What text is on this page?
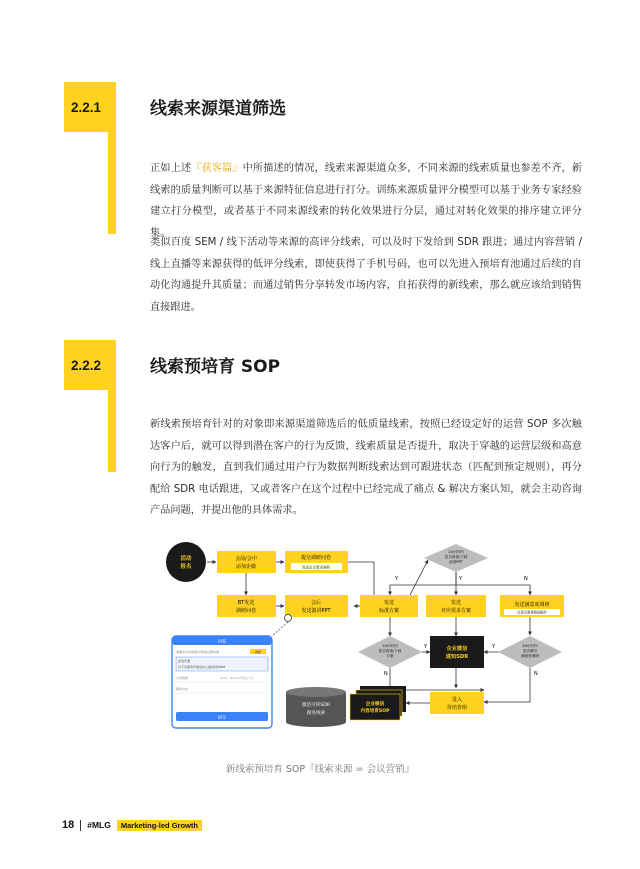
2.2.1	线索来源渠道筛选
正如上述『获客篇』中所描述的情况，线索来源渠道众多，不同来源的线索质量也参差不齐，新线索的质量判断可以基于来源特征信息进行打分。训练来源质量评分模型可以基于业务专家经验建立打分模型，或者基于不同来源线索的转化效果进行分层，通过对转化效果的排序建立评分集。
类似百度 SEM / 线下活动等来源的高评分线索，可以及时下发给到 SDR 跟进；通过内容营销 / 线上直播等来源获得的低评分线索，即使获得了手机号码，也可以先进入预培育池通过后续的自动化沟通提升其质量；而通过销售分享转发市场内容，自拓获得的新线索，那么就应该给到销售直接跟进。
2.2.2	线索预培育 SOP
新线索预培育针对的对象即来源渠道筛选后的低质量线索，按照已经设定好的运营 SOP 多次触达客户后，就可以得到潜在客户的行为反馈，线索质量是否提升，取决于穿越的运营层级和高意向行为的触发，直到我们通过用户行为数据判断线索达到可跟进状态（匹配到预定规则），再分配给 SDR 电话跟进，又或者客户在这个过程中已经完成了痛点 & 解决方案认知，就会主动咨询产品问题，并提出他的具体需求。
活动
报名
会前/会中
添加企微
提交调研问卷
发送会议需求调研
BT发送
调研问卷
会后
发送演讲PPT
24小时内
是否查看/下载
演讲PPT
Y	Y	N
发送
标准方案
发送
对应需求方案
发送满意度调研
还是否需要跟进服务
24小时内
是否查看/下载
方案
企业微信
通知SDR
Y	Y	24小时内
是否填写
满意度调研
N	N
进入
待培育组
企业微信
内容培育SOP
激活可转SDR
跟进线索
问卷
需要由于问卷提交/您的反馈来源	选择
在线开课
以下有商务开展活动之演讲材料PPT
公司名称	Xxxx、Benefy科技公司
联系方式
提交
新线索预培育 SOP『线索来源 = 会议营销』
18 #MLG	Marketing-led Growth
